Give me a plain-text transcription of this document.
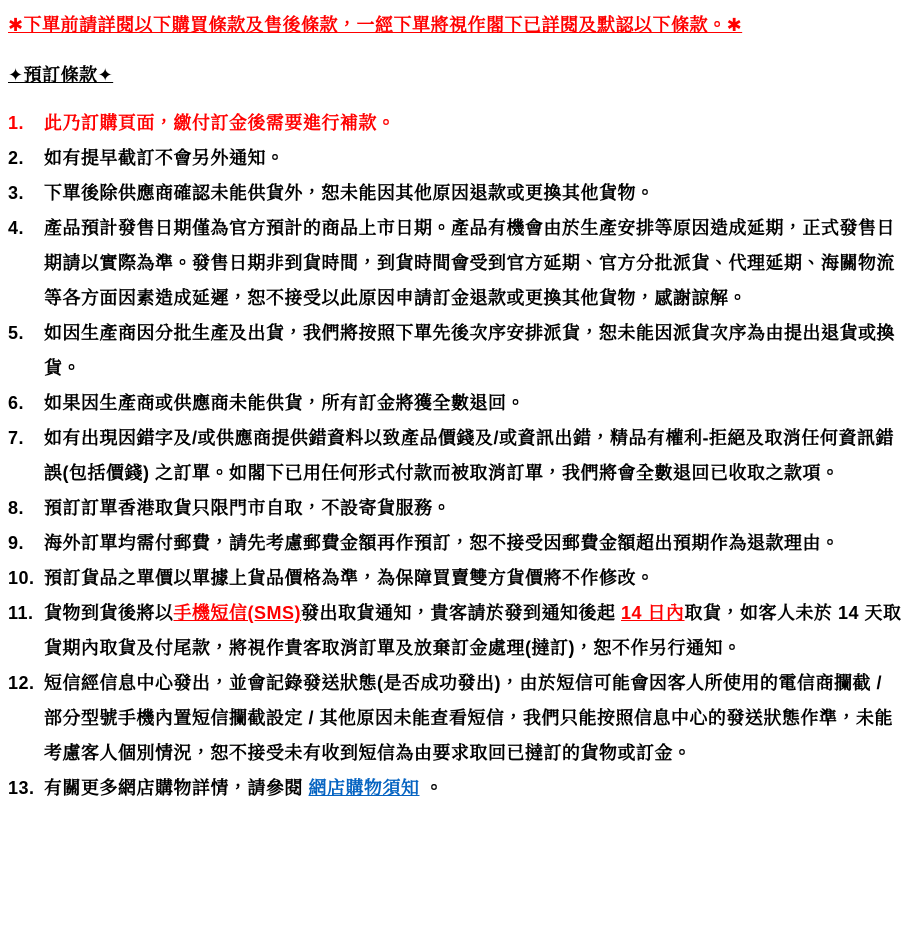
✱下單前請詳閱以下購買條款及售後條款，一經下單將視作閣下已詳閱及默認以下條款。✱
✦預訂條款✦
1.	此乃訂購頁面，繳付訂金後需要進行補款。
2.	如有提早截訂不會另外通知。
3.	下單後除供應商確認未能供貨外，恕未能因其他原因退款或更換其他貨物。
4.	產品預計發售日期僅為官方預計的商品上市日期。產品有機會由於生產安排等原因造成延期，正式發售日期請以實際為準。發售日期非到貨時間，到貨時間會受到官方延期、官方分批派貨、代理延期、海關物流等各方面因素造成延遲，恕不接受以此原因申請訂金退款或更換其他貨物，感謝諒解。
5.	如因生產商因分批生產及出貨，我們將按照下單先後次序安排派貨，恕未能因派貨次序為由提出退貨或換貨。
6.	如果因生產商或供應商未能供貨，所有訂金將獲全數退回。
7.	如有出現因錯字及/或供應商提供錯資料以致產品價錢及/或資訊出錯，精品有權利-拒絕及取消任何資訊錯誤(包括價錢) 之訂單。如閣下已用任何形式付款而被取消訂單，我們將會全數退回已收取之款項。
8.	預訂訂單香港取貨只限門市自取，不設寄貨服務。
9.	海外訂單均需付郵費，請先考慮郵費金額再作預訂，恕不接受因郵費金額超出預期作為退款理由。
10. 預訂貨品之單價以單據上貨品價格為準，為保障買賣雙方貨價將不作修改。
11. 貨物到貨後將以手機短信(SMS)發出取貨通知，貴客請於發到通知後起 14 日內取貨，如客人未於 14 天取貨期內取貨及付尾款，將視作貴客取消訂單及放棄訂金處理(撻訂)，恕不作另行通知。
12. 短信經信息中心發出，並會記錄發送狀態(是否成功發出)，由於短信可能會因客人所使用的電信商攔截 / 部分型號手機內置短信攔截設定 / 其他原因未能查看短信，我們只能按照信息中心的發送狀態作準，未能考慮客人個別情況，恕不接受未有收到短信為由要求取回已撻訂的貨物或訂金。
13. 有關更多網店購物詳情，請參閱 網店購物須知 。
